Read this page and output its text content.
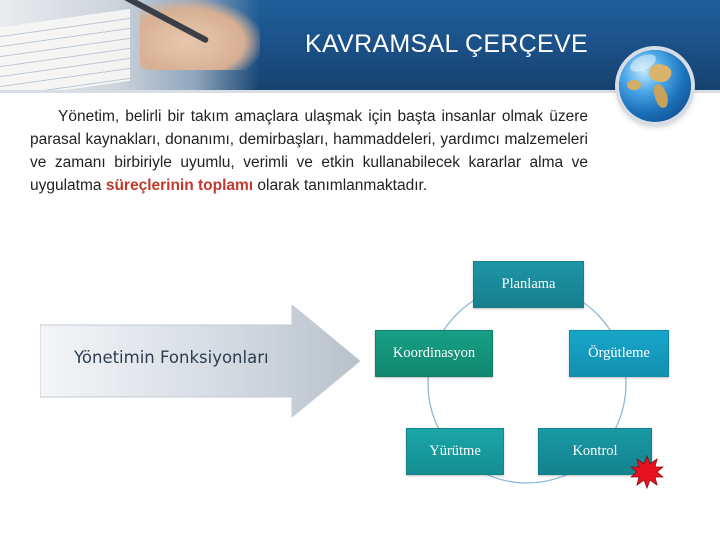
KAVRAMSAL ÇERÇEVE
Yönetim, belirli bir takım amaçlara ulaşmak için başta insanlar olmak üzere parasal kaynakları, donanımı, demirbaşları, hammaddeleri, yardımcı malzemeleri ve zamanı birbiriyle uyumlu, verimli ve etkin kullanabilecek kararlar alma ve uygulatma süreçlerinin toplamı olarak tanımlanmaktadır.
Yönetimin Fonksiyonları
Planlama
Koordinasyon	Örgütleme
Yürütme	Kontrol
